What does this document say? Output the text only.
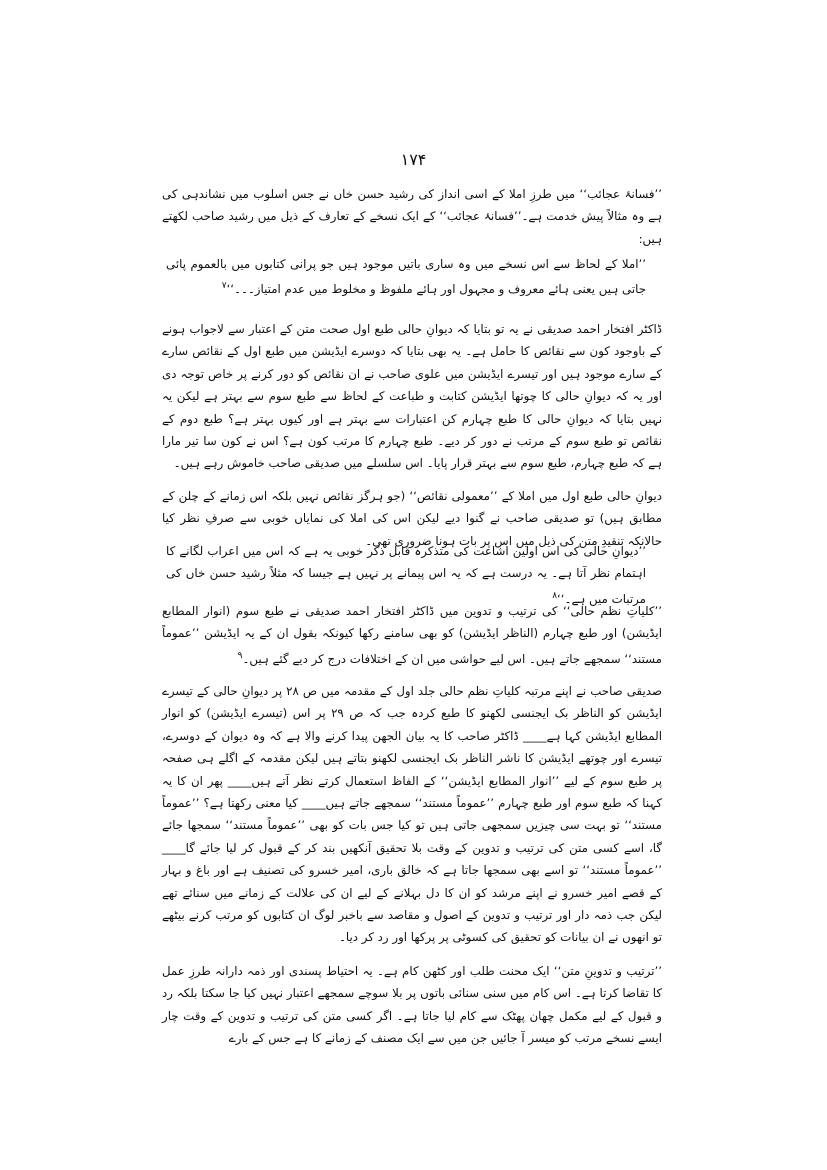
۱۷۴
’’فسانۂ عجائب‘‘ میں طرزِ املا کے اسی انداز کی رشید حسن خاں نے جس اسلوب میں نشاندہی کی ہے وہ مثالاً پیش خدمت ہے۔’’فسانۂ عجائب‘‘ کے ایک نسخے کے تعارف کے ذیل میں رشید صاحب لکھتے ہیں:
’’املا کے لحاظ سے اس نسخے میں وہ ساری باتیں موجود ہیں جو پرانی کتابوں میں بالعموم پائی جاتی ہیں یعنی ہائے معروف و مجہول اور ہائے ملفوظ و مخلوط میں عدم امتیاز۔۔۔‘‘$^۷$
ڈاکٹر افتخار احمد صدیقی نے یہ تو بتایا کہ دیوانِ حالی طبع اول صحت متن کے اعتبار سے لاجواب ہونے کے باوجود کون سے نقائص کا حامل ہے۔ یہ بھی بتایا کہ دوسرے ایڈیشن میں طبع اول کے نقائص سارے کے سارے موجود ہیں اور تیسرے ایڈیشن میں علوی صاحب نے ان نقائص کو دور کرنے پر خاص توجہ دی اور یہ کہ دیوانِ حالی کا چوتھا ایڈیشن کتابت و طباعت کے لحاظ سے طبع سوم سے بہتر ہے لیکن یہ نہیں بتایا کہ دیوانِ حالی کا طبع چہارم کن اعتبارات سے بہتر ہے اور کیوں بہتر ہے؟ طبع دوم کے نقائص تو طبع سوم کے مرتب نے دور کر دیے۔ طبع چہارم کا مرتب کون ہے؟ اس نے کون سا تیر مارا ہے کہ طبع چہارم، طبع سوم سے بہتر قرار پایا۔ اس سلسلے میں صدیقی صاحب خاموش رہے ہیں۔
دیوانِ حالی طبع اول میں املا کے ’’معمولی نقائص‘‘ (جو ہرگز نقائص نہیں بلکہ اس زمانے کے چلن کے مطابق ہیں) تو صدیقی صاحب نے گنوا دیے لیکن اس کی املا کی نمایاں خوبی سے صرفِ نظر کیا حالانکہ تنقیدِ متن کی ذیل میں اس پر بات ہونا ضروری تھی۔
’’دیوانِ حالی کی اس اولین اشاعت کی متذکرہ قابل ذکر خوبی یہ ہے کہ اس میں اعراب لگانے کا اہتمام نظر آتا ہے۔ یہ درست ہے کہ یہ اس پیمانے پر نہیں ہے جیسا کہ مثلاً رشید حسن خاں کی مرتبات میں ہے۔‘‘$^۸$
’’کلیاتِ نظم حالی‘‘ کی ترتیب و تدوین میں ڈاکٹر افتخار احمد صدیقی نے طبع سوم (انوار المطابع ایڈیشن) اور طبع چہارم (الناظر ایڈیشن) کو بھی سامنے رکھا کیونکہ بقول ان کے یہ ایڈیشن ’’عموماً مستند‘‘ سمجھے جاتے ہیں۔ اس لیے حواشی میں ان کے اختلافات درج کر دیے گئے ہیں۔$^۹$
صدیقی صاحب نے اپنے مرتبہ کلیاتِ نظم حالی جلد اول کے مقدمہ میں ص ۲۸ پر دیوانِ حالی کے تیسرے ایڈیشن کو الناظر بک ایجنسی لکھنو کا طبع کردہ جب کہ ص ۲۹ پر اس (تیسرے ایڈیشن) کو انوار المطابع ایڈیشن کہا ہے____ ڈاکٹر صاحب کا یہ بیان الجھن پیدا کرنے والا ہے کہ وہ دیوان کے دوسرے، تیسرے اور چوتھے ایڈیشن کا ناشر الناظر بک ایجنسی لکھنو بتاتے ہیں لیکن مقدمہ کے اگلے ہی صفحہ پر طبع سوم کے لیے ’’انوار المطابع ایڈیشن‘‘ کے الفاظ استعمال کرتے نظر آتے ہیں____ پھر ان کا یہ کہنا کہ طبع سوم اور طبع چہارم ’’عموماً مستند‘‘ سمجھے جاتے ہیں____ کیا معنی رکھتا ہے؟ ’’عموماً مستند‘‘ تو بہت سی چیزیں سمجھی جاتی ہیں تو کیا جس بات کو بھی ’’عموماً مستند‘‘ سمجھا جائے گا، اسے کسی متن کی ترتیب و تدوین کے وقت بلا تحقیق آنکھیں بند کر کے قبول کر لیا جائے گا____ ’’عموماً مستند‘‘ تو اسے بھی سمجھا جاتا ہے کہ خالق باری، امیر خسرو کی تصنیف ہے اور باغ و بہار کے قصے امیر خسرو نے اپنے مرشد کو ان کا دل بہلانے کے لیے ان کی علالت کے زمانے میں سنائے تھے لیکن جب ذمہ دار اور ترتیب و تدوین کے اصول و مقاصد سے باخبر لوگ ان کتابوں کو مرتب کرنے بیٹھے تو انھوں نے ان بیانات کو تحقیق کی کسوٹی پر پرکھا اور رد کر دیا۔
’’ترتیب و تدوینِ متن‘‘ ایک محنت طلب اور کٹھن کام ہے۔ یہ احتیاط پسندی اور ذمہ دارانہ طرزِ عمل کا تقاضا کرتا ہے۔ اس کام میں سنی سنائی باتوں پر بلا سوچے سمجھے اعتبار نہیں کیا جا سکتا بلکہ رد و قبول کے لیے مکمل چھان پھٹک سے کام لیا جاتا ہے۔ اگر کسی متن کی ترتیب و تدوین کے وقت چار ایسے نسخے مرتب کو میسر آ جائیں جن میں سے ایک مصنف کے زمانے کا ہے جس کے بارے
